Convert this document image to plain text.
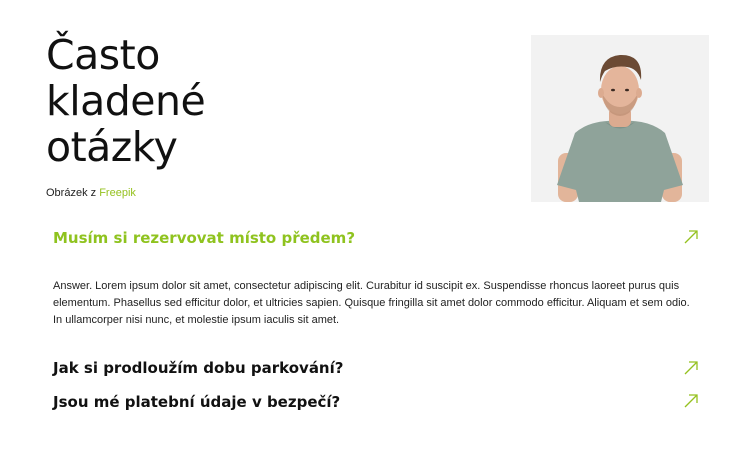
Často
kladené
otázky
Obrázek z Freepik
Musím si rezervovat místo předem?

Answer. Lorem ipsum dolor sit amet, consectetur adipiscing elit. Curabitur id suscipit ex. Suspendisse rhoncus laoreet purus quis elementum. Phasellus sed efficitur dolor, et ultricies sapien. Quisque fringilla sit amet dolor commodo efficitur. Aliquam et sem odio. In ullamcorper nisi nunc, et molestie ipsum iaculis sit amet.

Jak si prodloužím dobu parkování?
Jsou mé platební údaje v bezpečí?
